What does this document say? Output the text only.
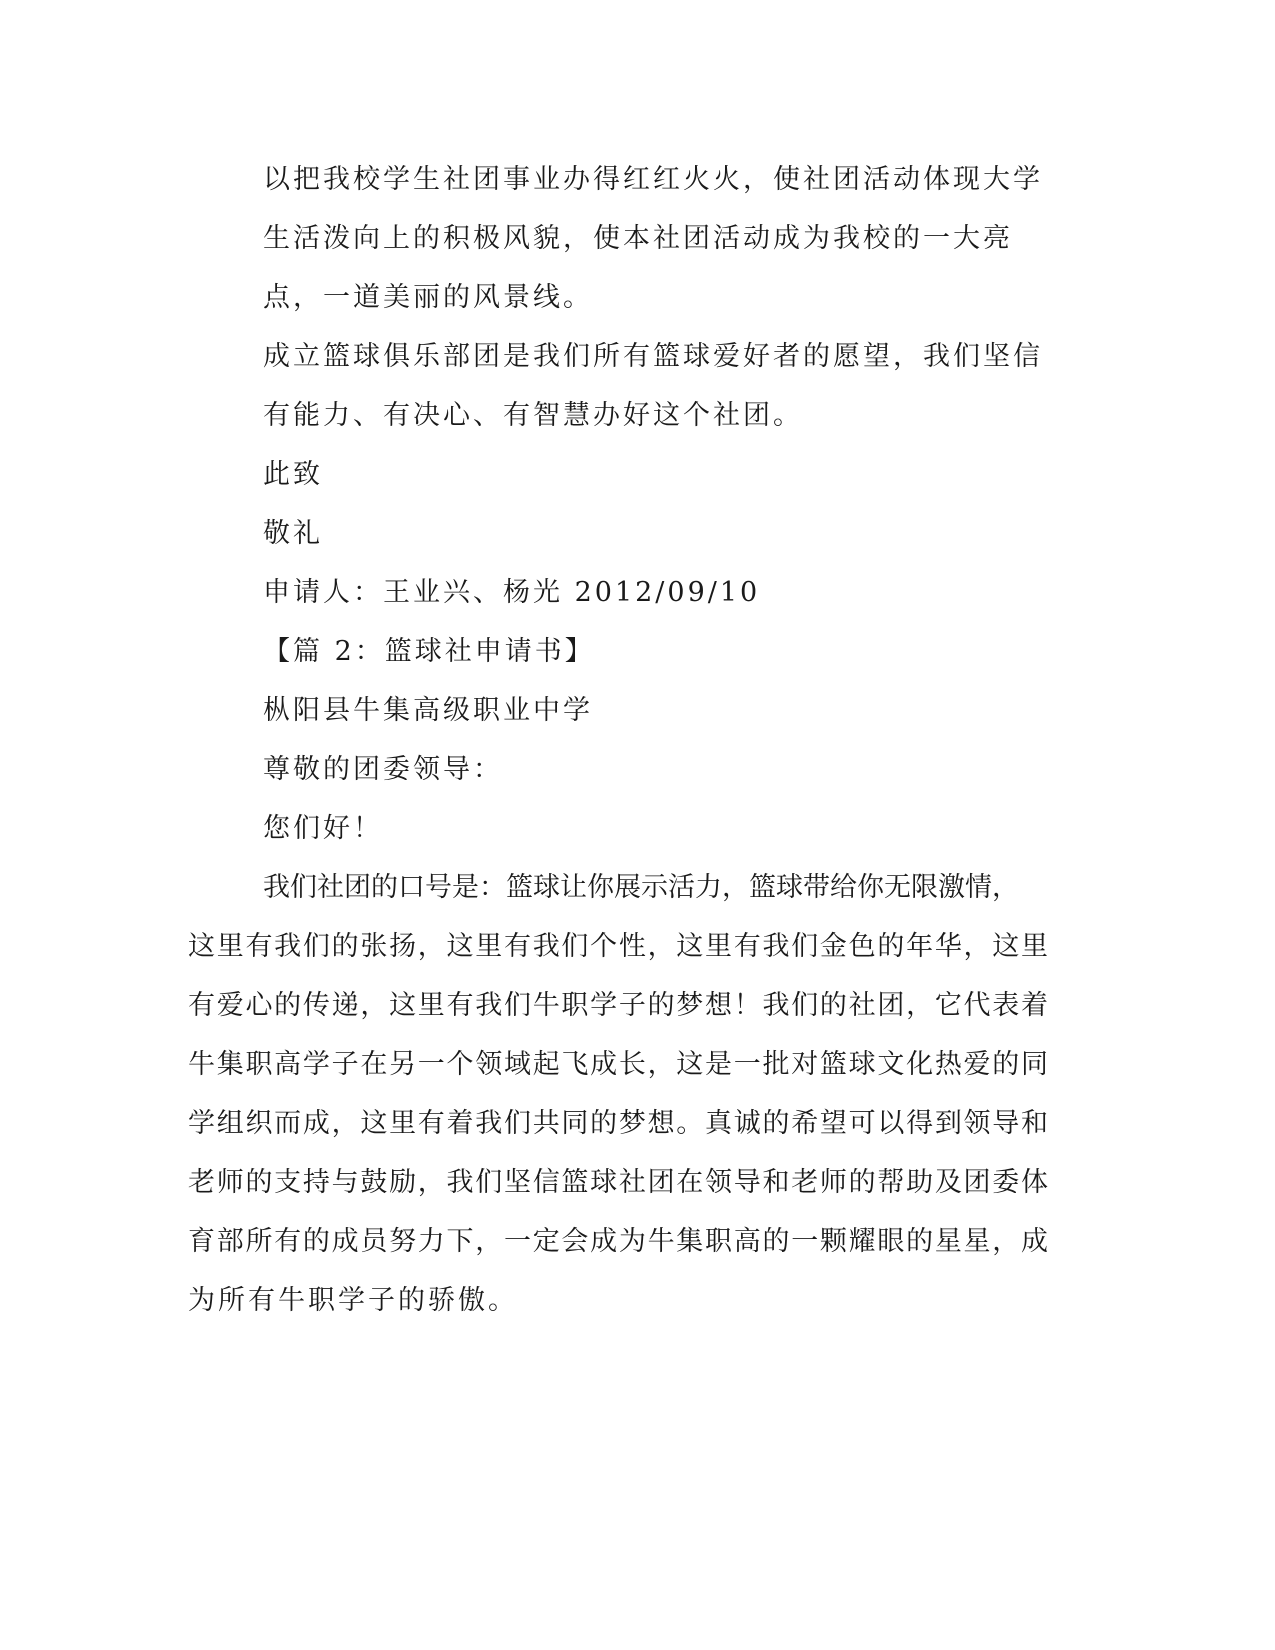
以把我校学生社团事业办得红红火火，使社团活动体现大学
生活泼向上的积极风貌，使本社团活动成为我校的一大亮
点，一道美丽的风景线。
成立篮球俱乐部团是我们所有篮球爱好者的愿望，我们坚信
有能力、有决心、有智慧办好这个社团。
此致
敬礼
申请人：王业兴、杨光 2012/09/10
【篇 2：篮球社申请书】
枞阳县牛集高级职业中学
尊敬的团委领导：
您们好！
我们社团的口号是：篮球让你展示活力，篮球带给你无限激情，
这里有我们的张扬，这里有我们个性，这里有我们金色的年华，这里
有爱心的传递，这里有我们牛职学子的梦想！我们的社团，它代表着
牛集职高学子在另一个领域起飞成长，这是一批对篮球文化热爱的同
学组织而成，这里有着我们共同的梦想。真诚的希望可以得到领导和
老师的支持与鼓励，我们坚信篮球社团在领导和老师的帮助及团委体
育部所有的成员努力下，一定会成为牛集职高的一颗耀眼的星星，成
为所有牛职学子的骄傲。
